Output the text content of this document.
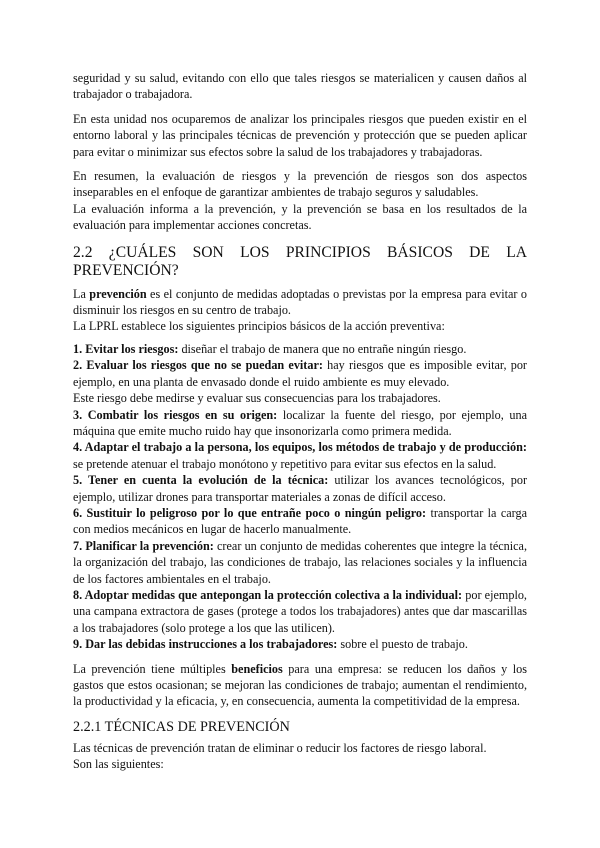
seguridad y su salud, evitando con ello que tales riesgos se materialicen y causen daños al trabajador o trabajadora.

En esta unidad nos ocuparemos de analizar los principales riesgos que pueden existir en el entorno laboral y las principales técnicas de prevención y protección que se pueden aplicar para evitar o minimizar sus efectos sobre la salud de los trabajadores y trabajadoras.

En resumen, la evaluación de riesgos y la prevención de riesgos son dos aspectos inseparables en el enfoque de garantizar ambientes de trabajo seguros y saludables.

La evaluación informa a la prevención, y la prevención se basa en los resultados de la evaluación para implementar acciones concretas.

2.2 ¿CUÁLES SON LOS PRINCIPIOS BÁSICOS DE LA PREVENCIÓN?

La prevención es el conjunto de medidas adoptadas o previstas por la empresa para evitar o disminuir los riesgos en su centro de trabajo.

La LPRL establece los siguientes principios básicos de la acción preventiva:

1. Evitar los riesgos: diseñar el trabajo de manera que no entrañe ningún riesgo.

2. Evaluar los riesgos que no se puedan evitar: hay riesgos que es imposible evitar, por ejemplo, en una planta de envasado donde el ruido ambiente es muy elevado.

Este riesgo debe medirse y evaluar sus consecuencias para los trabajadores.

3. Combatir los riesgos en su origen: localizar la fuente del riesgo, por ejemplo, una máquina que emite mucho ruido hay que insonorizarla como primera medida.

4. Adaptar el trabajo a la persona, los equipos, los métodos de trabajo y de producción: se pretende atenuar el trabajo monótono y repetitivo para evitar sus efectos en la salud.

5. Tener en cuenta la evolución de la técnica: utilizar los avances tecnológicos, por ejemplo, utilizar drones para transportar materiales a zonas de difícil acceso.

6. Sustituir lo peligroso por lo que entrañe poco o ningún peligro: transportar la carga con medios mecánicos en lugar de hacerlo manualmente.

7. Planificar la prevención: crear un conjunto de medidas coherentes que integre la técnica, la organización del trabajo, las condiciones de trabajo, las relaciones sociales y la influencia de los factores ambientales en el trabajo.

8. Adoptar medidas que antepongan la protección colectiva a la individual: por ejemplo, una campana extractora de gases (protege a todos los trabajadores) antes que dar mascarillas a los trabajadores (solo protege a los que las utilicen).

9. Dar las debidas instrucciones a los trabajadores: sobre el puesto de trabajo.

La prevención tiene múltiples beneficios para una empresa: se reducen los daños y los gastos que estos ocasionan; se mejoran las condiciones de trabajo; aumentan el rendimiento, la productividad y la eficacia, y, en consecuencia, aumenta la competitividad de la empresa.

2.2.1 TÉCNICAS DE PREVENCIÓN

Las técnicas de prevención tratan de eliminar o reducir los factores de riesgo laboral.

Son las siguientes:
